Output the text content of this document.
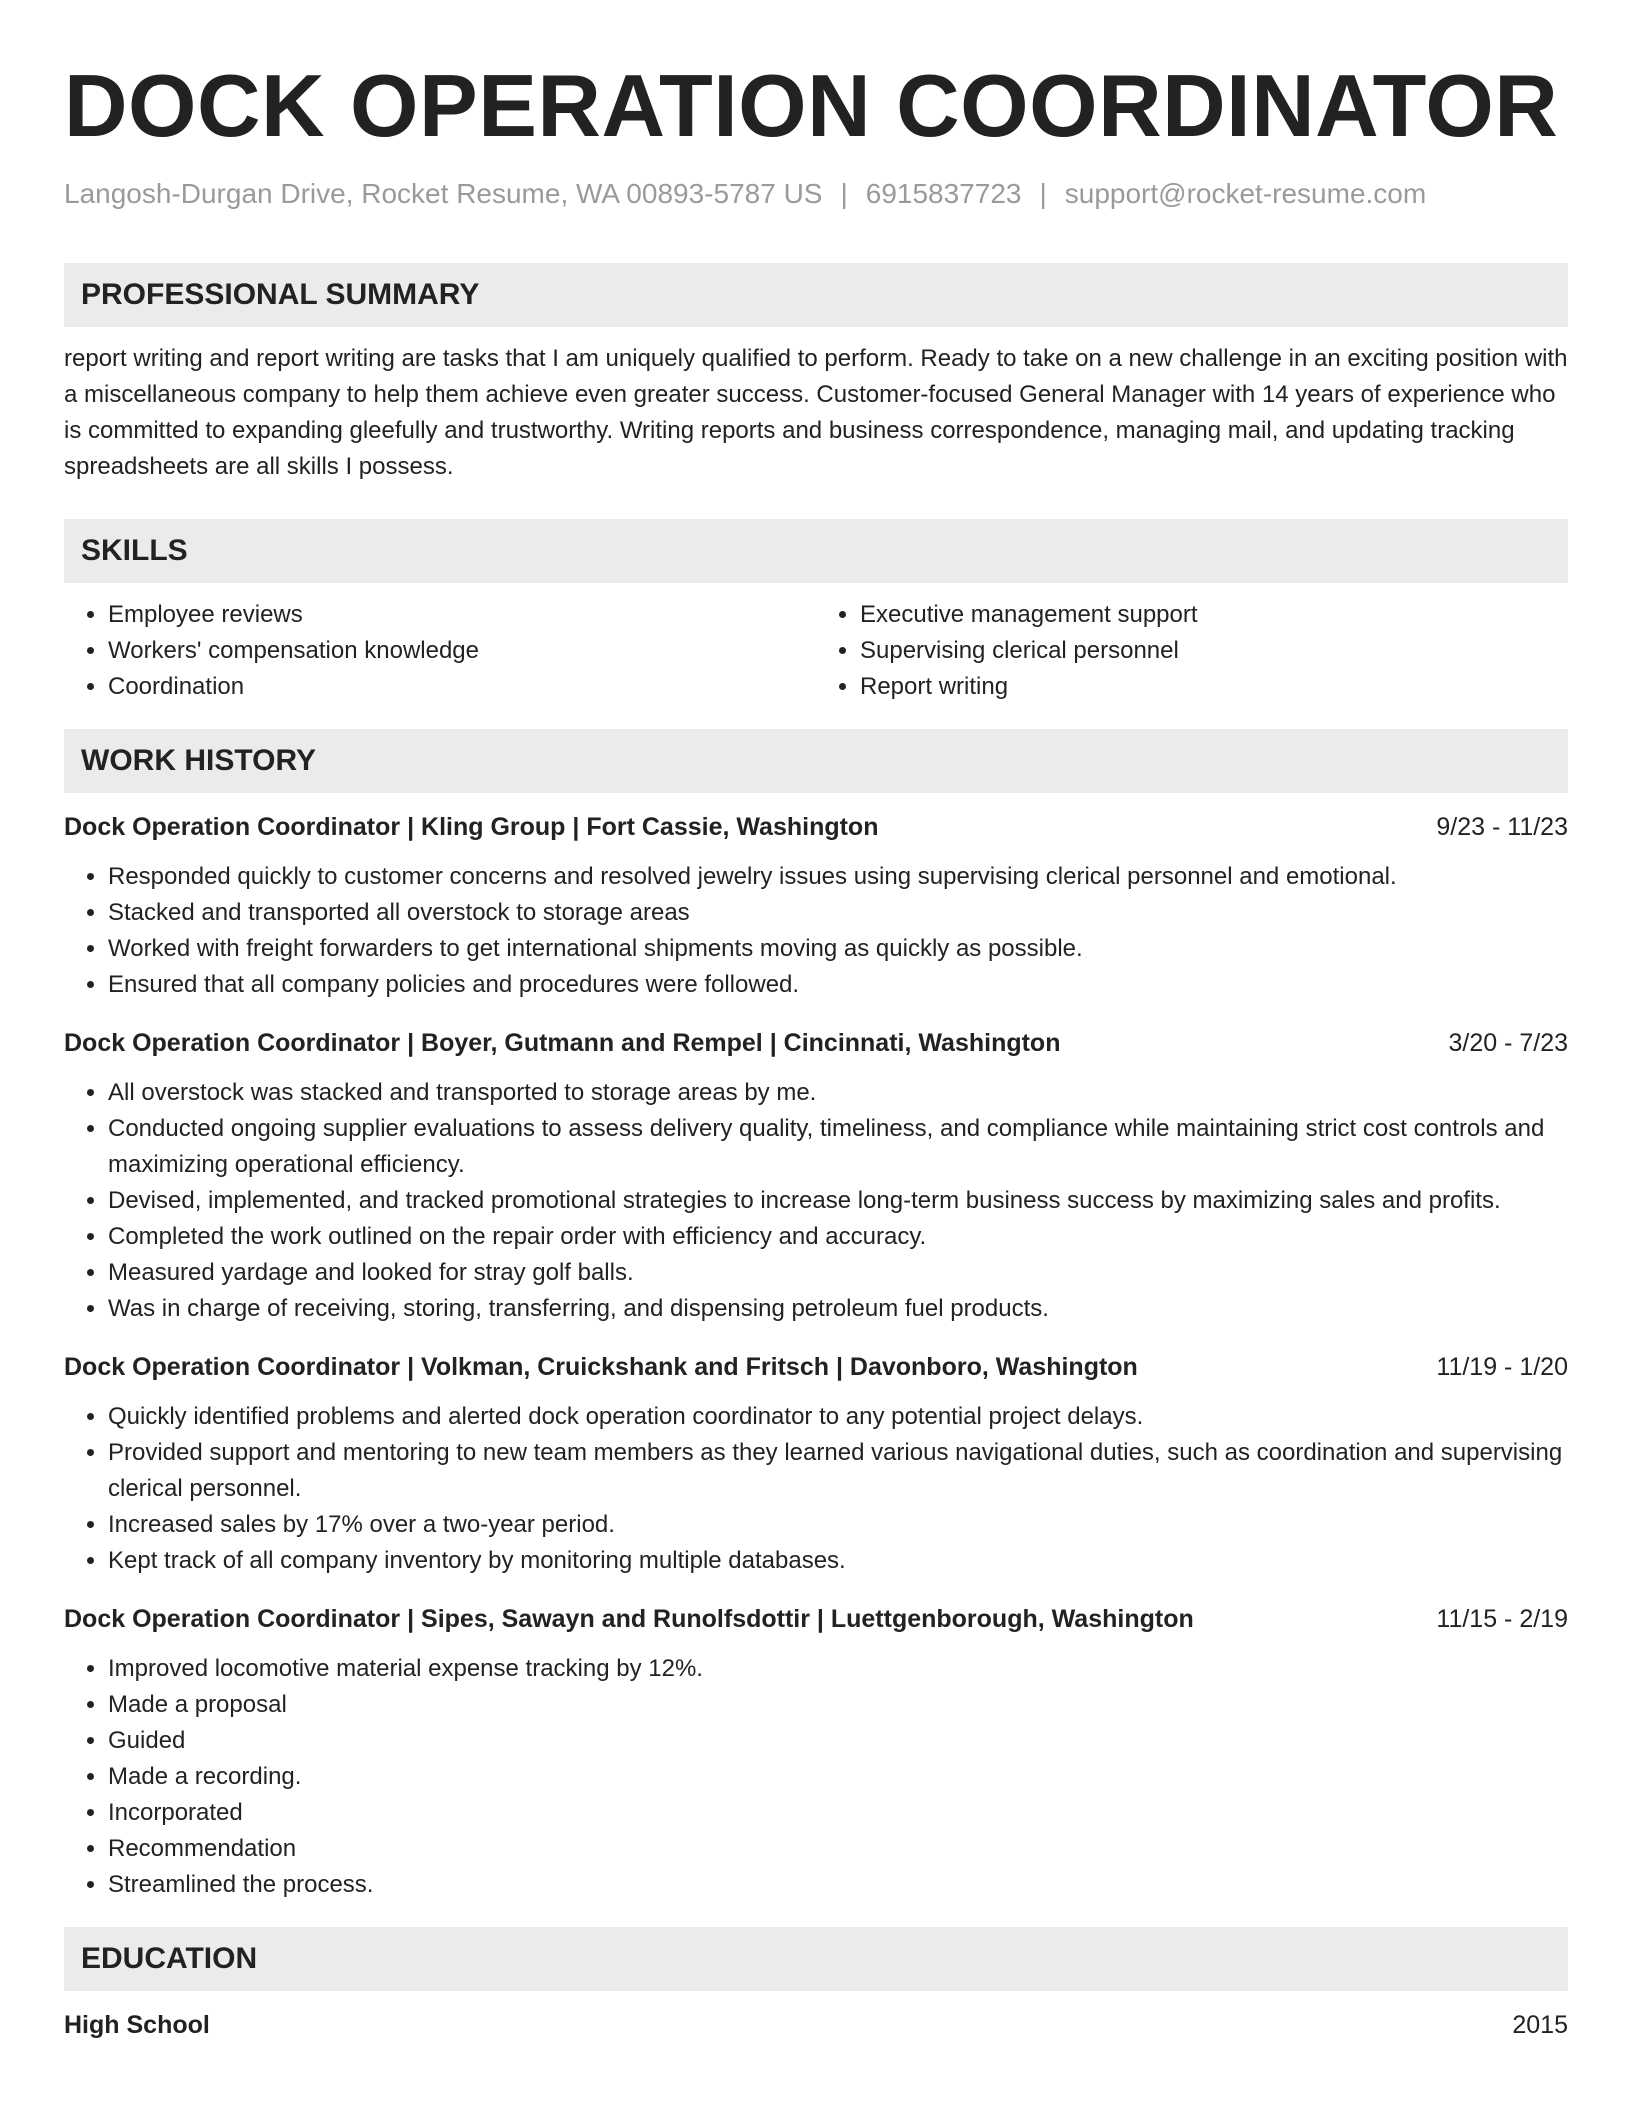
DOCK OPERATION COORDINATOR
Langosh-Durgan Drive, Rocket Resume, WA 00893-5787 US | 6915837723 | support@rocket-resume.com
PROFESSIONAL SUMMARY

report writing and report writing are tasks that I am uniquely qualified to perform. Ready to take on a new challenge in an exciting position with a miscellaneous company to help them achieve even greater success. Customer-focused General Manager with 14 years of experience who is committed to expanding gleefully and trustworthy. Writing reports and business correspondence, managing mail, and updating tracking spreadsheets are all skills I possess.

SKILLS
• Employee reviews
• Workers' compensation knowledge
• Coordination
• Executive management support
• Supervising clerical personnel
• Report writing
WORK HISTORY
Dock Operation Coordinator | Kling Group | Fort Cassie, Washington	9/23 - 11/23
• Responded quickly to customer concerns and resolved jewelry issues using supervising clerical personnel and emotional.
• Stacked and transported all overstock to storage areas
• Worked with freight forwarders to get international shipments moving as quickly as possible.
• Ensured that all company policies and procedures were followed.
Dock Operation Coordinator | Boyer, Gutmann and Rempel | Cincinnati, Washington	3/20 - 7/23
• All overstock was stacked and transported to storage areas by me.
• Conducted ongoing supplier evaluations to assess delivery quality, timeliness, and compliance while maintaining strict cost controls and maximizing operational efficiency.
• Devised, implemented, and tracked promotional strategies to increase long-term business success by maximizing sales and profits.
• Completed the work outlined on the repair order with efficiency and accuracy.
• Measured yardage and looked for stray golf balls.
• Was in charge of receiving, storing, transferring, and dispensing petroleum fuel products.
Dock Operation Coordinator | Volkman, Cruickshank and Fritsch | Davonboro, Washington	11/19 - 1/20
• Quickly identified problems and alerted dock operation coordinator to any potential project delays.
• Provided support and mentoring to new team members as they learned various navigational duties, such as coordination and supervising clerical personnel.
• Increased sales by 17% over a two-year period.
• Kept track of all company inventory by monitoring multiple databases.
Dock Operation Coordinator | Sipes, Sawayn and Runolfsdottir | Luettgenborough, Washington	11/15 - 2/19
• Improved locomotive material expense tracking by 12%.
• Made a proposal
• Guided
• Made a recording.
• Incorporated
• Recommendation
• Streamlined the process.
EDUCATION
High School	2015
